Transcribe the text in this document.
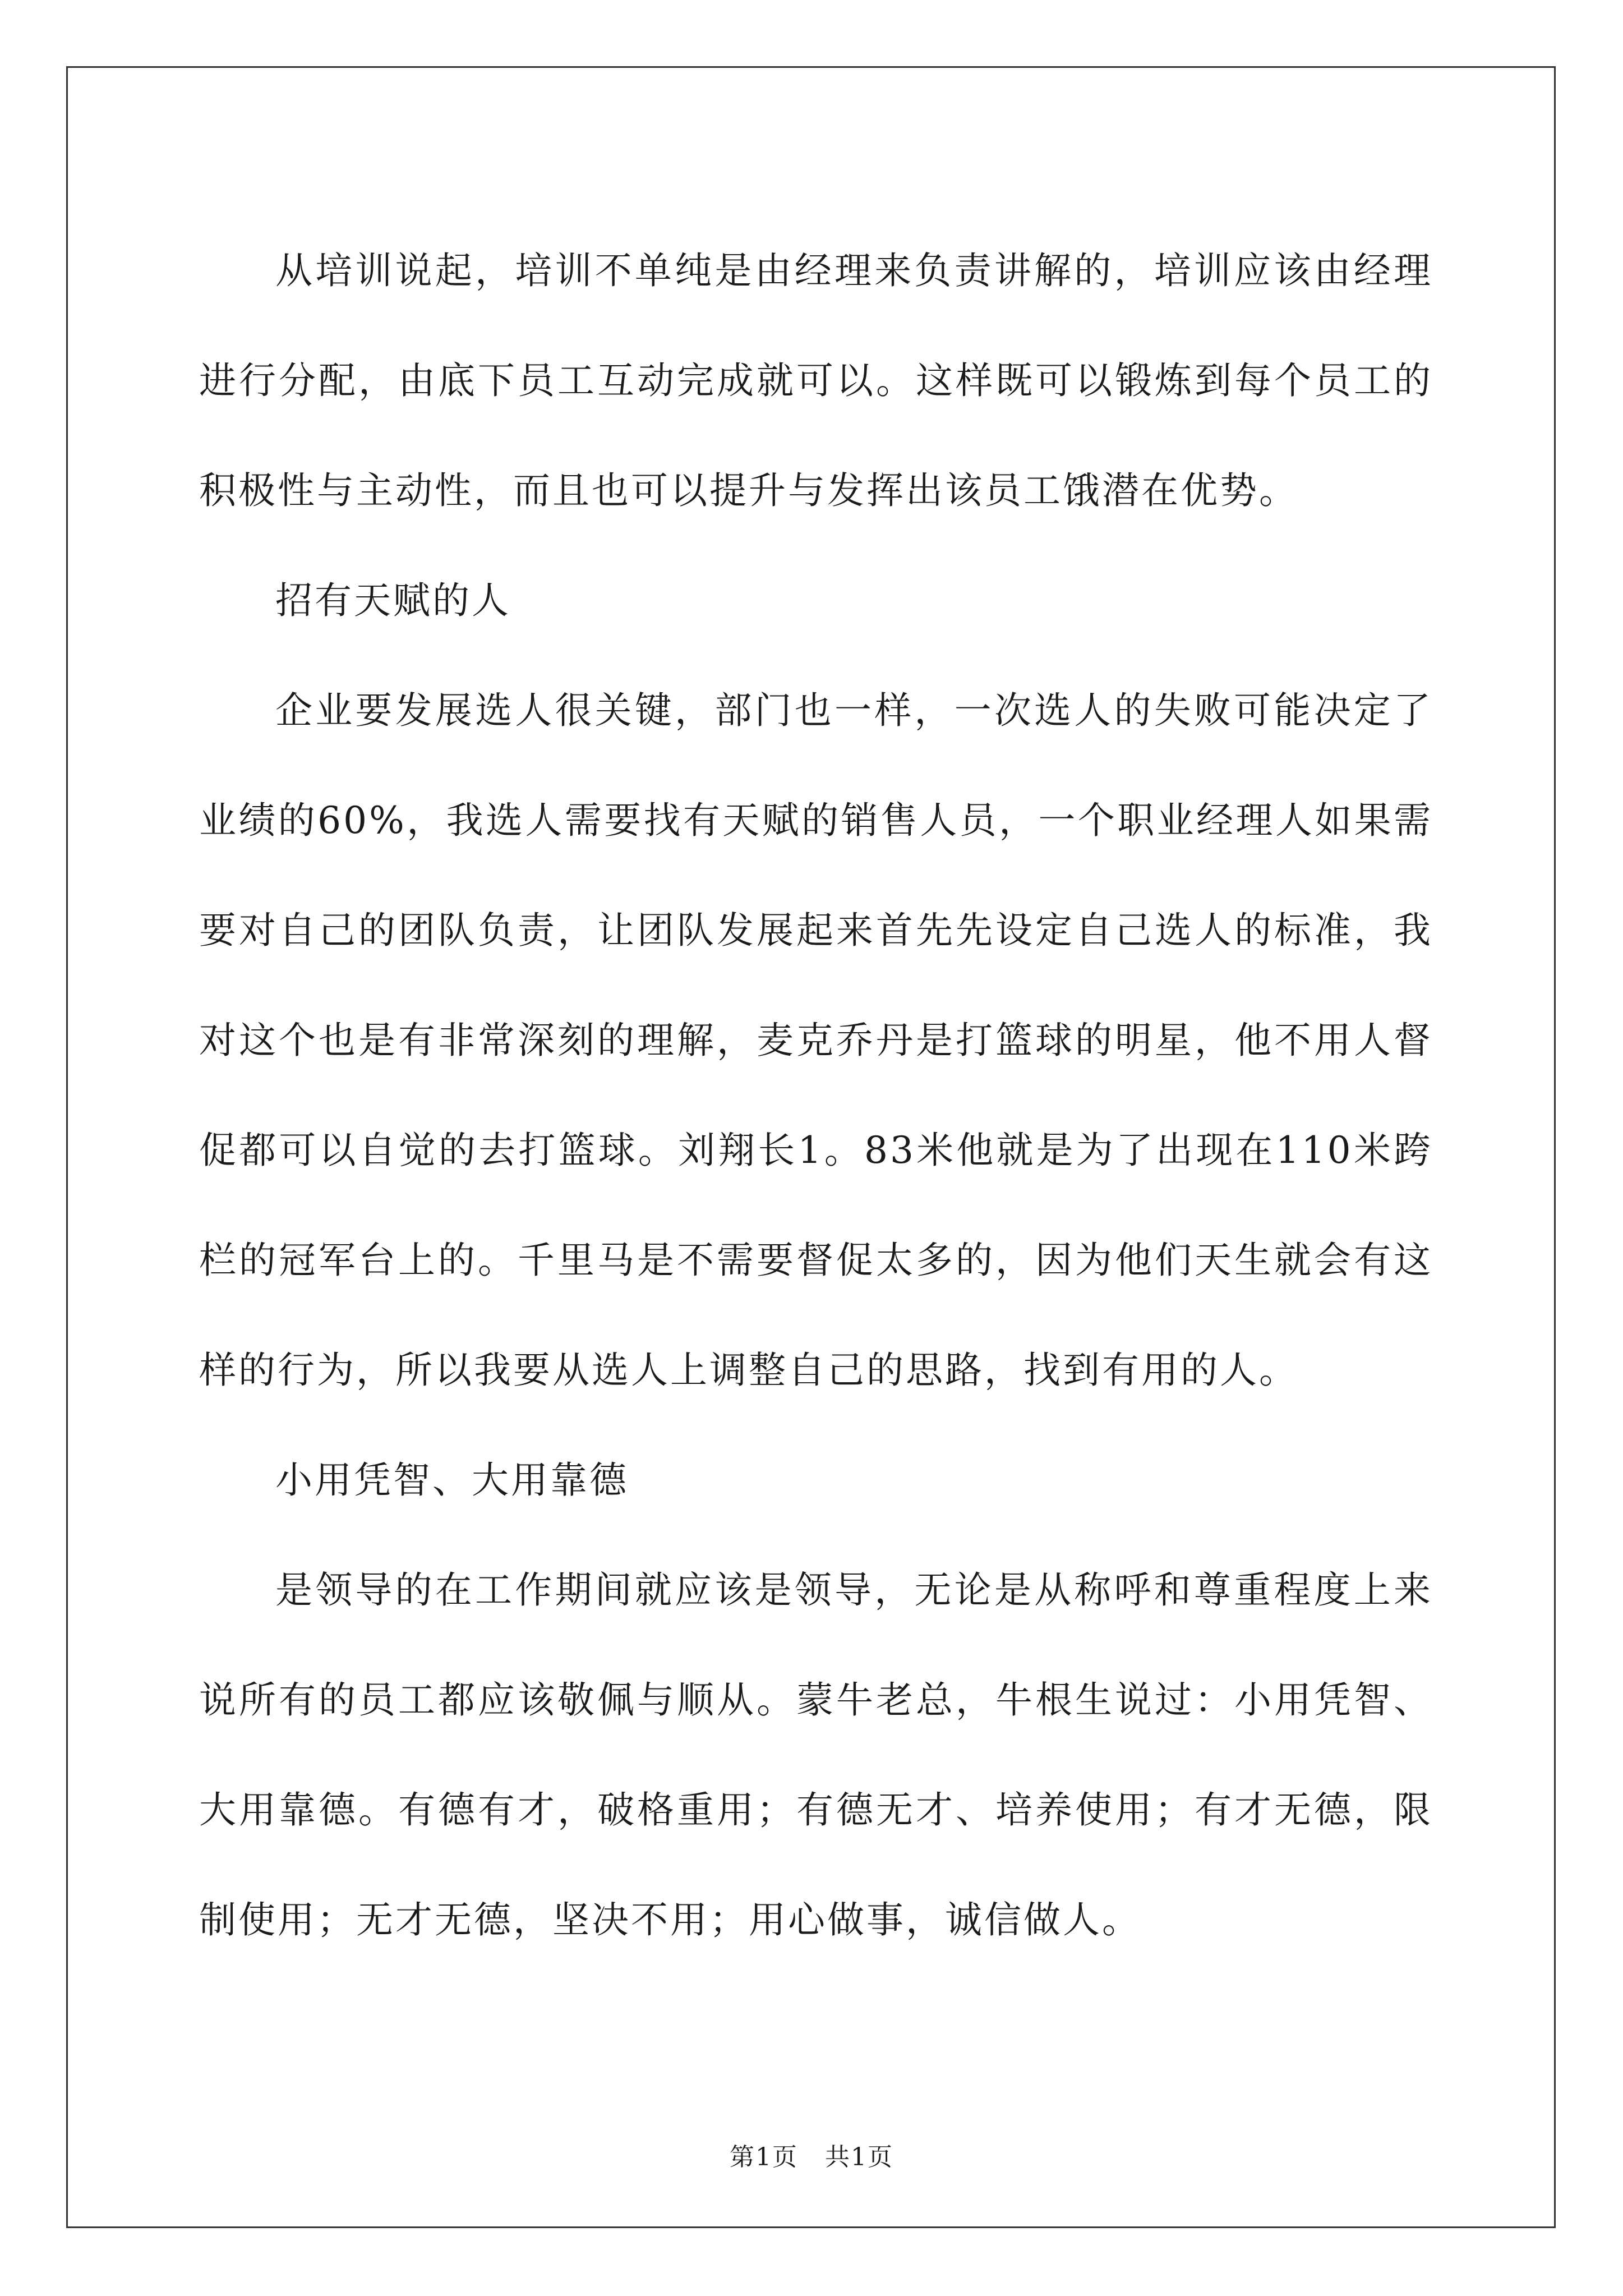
从培训说起，培训不单纯是由经理来负责讲解的，培训应该由经理进行分配，由底下员工互动完成就可以。这样既可以锻炼到每个员工的积极性与主动性，而且也可以提升与发挥出该员工饿潜在优势。

招有天赋的人

企业要发展选人很关键，部门也一样，一次选人的失败可能决定了业绩的60%，我选人需要找有天赋的销售人员，一个职业经理人如果需要对自己的团队负责，让团队发展起来首先先设定自己选人的标准，我对这个也是有非常深刻的理解，麦克乔丹是打篮球的明星，他不用人督促都可以自觉的去打篮球。刘翔长1。83米他就是为了出现在110米跨栏的冠军台上的。千里马是不需要督促太多的，因为他们天生就会有这样的行为，所以我要从选人上调整自己的思路，找到有用的人。

小用凭智、大用靠德

是领导的在工作期间就应该是领导，无论是从称呼和尊重程度上来说所有的员工都应该敬佩与顺从。蒙牛老总，牛根生说过：小用凭智、大用靠德。有德有才，破格重用；有德无才、培养使用；有才无德，限制使用；无才无德，坚决不用；用心做事，诚信做人。

第1页 共1页
